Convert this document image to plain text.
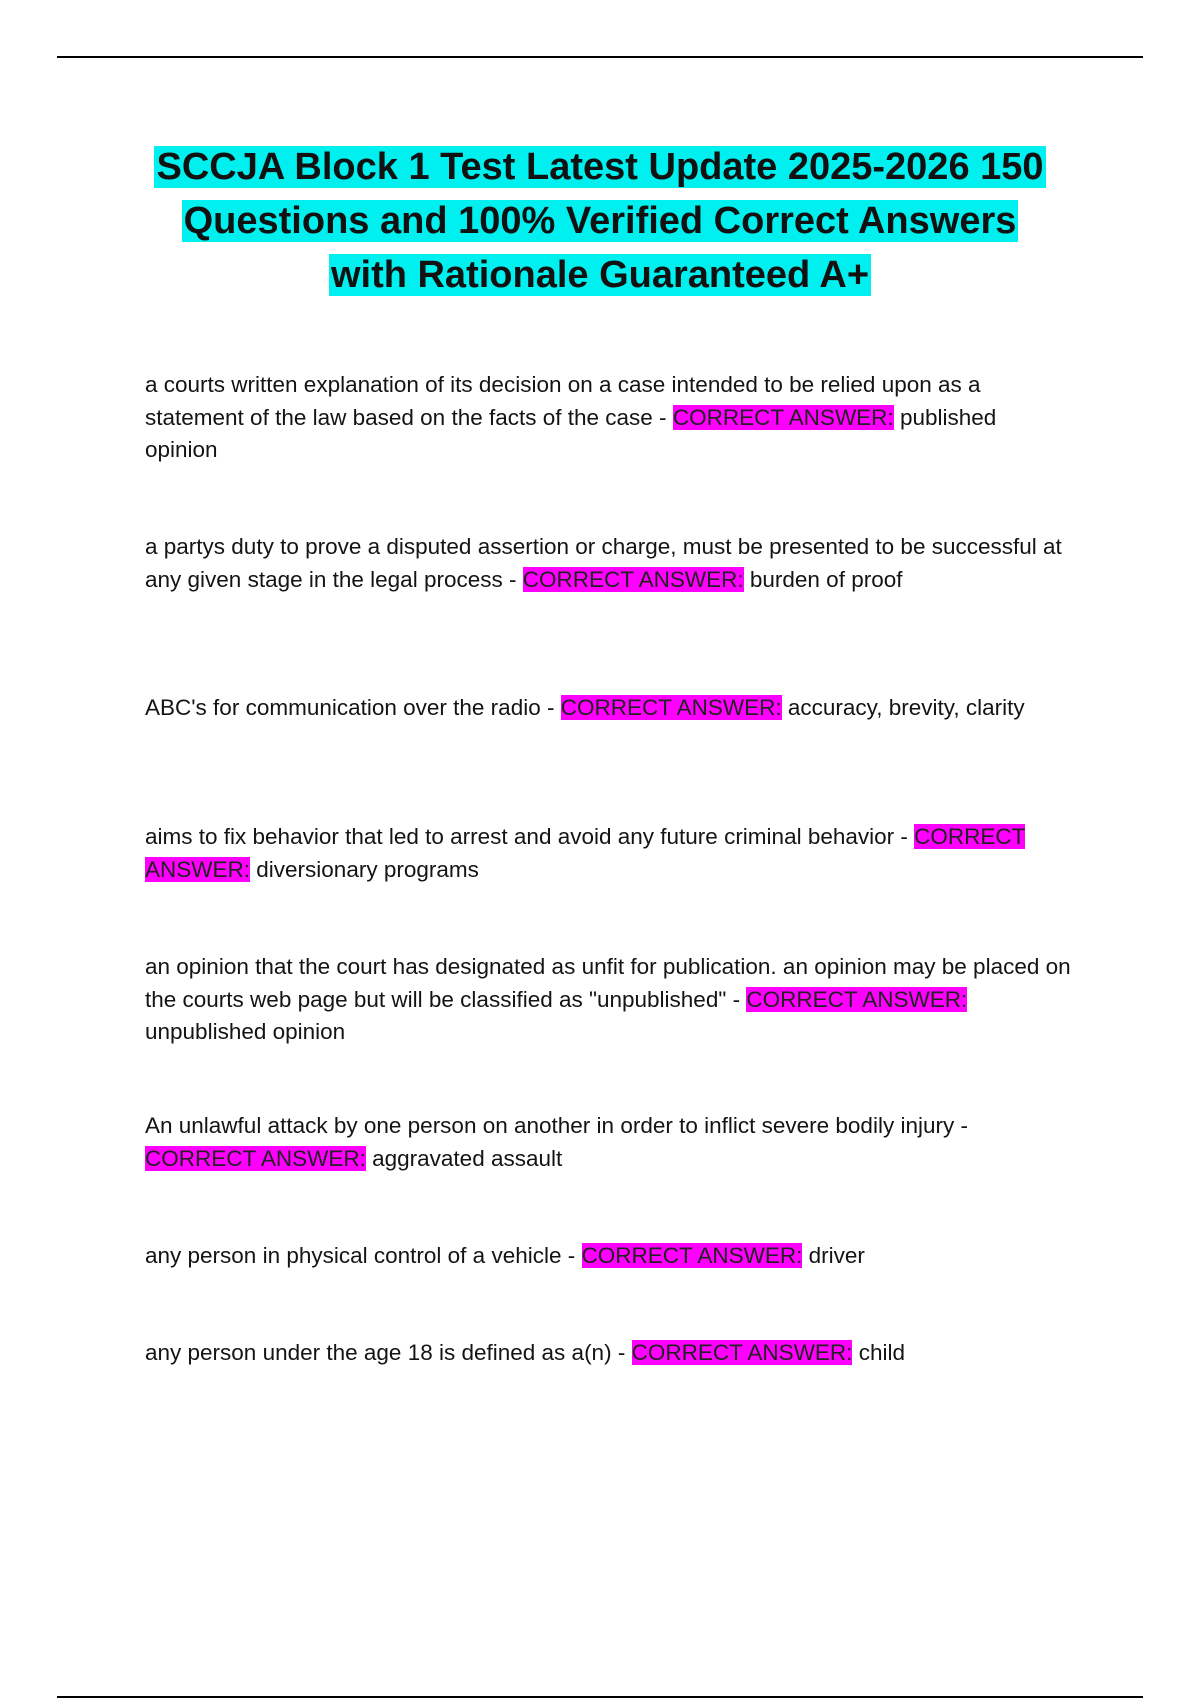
SCCJA Block 1 Test Latest Update 2025-2026 150
Questions and 100% Verified Correct Answers
with Rationale Guaranteed A+

a courts written explanation of its decision on a case intended to be relied upon as a statement of the law based on the facts of the case - CORRECT ANSWER: published opinion

a partys duty to prove a disputed assertion or charge, must be presented to be successful at any given stage in the legal process - CORRECT ANSWER: burden of proof

ABC's for communication over the radio - CORRECT ANSWER: accuracy, brevity, clarity

aims to fix behavior that led to arrest and avoid any future criminal behavior - CORRECT ANSWER: diversionary programs

an opinion that the court has designated as unfit for publication. an opinion may be placed on the courts web page but will be classified as "unpublished" - CORRECT ANSWER: unpublished opinion

An unlawful attack by one person on another in order to inflict severe bodily injury - CORRECT ANSWER: aggravated assault

any person in physical control of a vehicle - CORRECT ANSWER: driver

any person under the age 18 is defined as a(n) - CORRECT ANSWER: child
